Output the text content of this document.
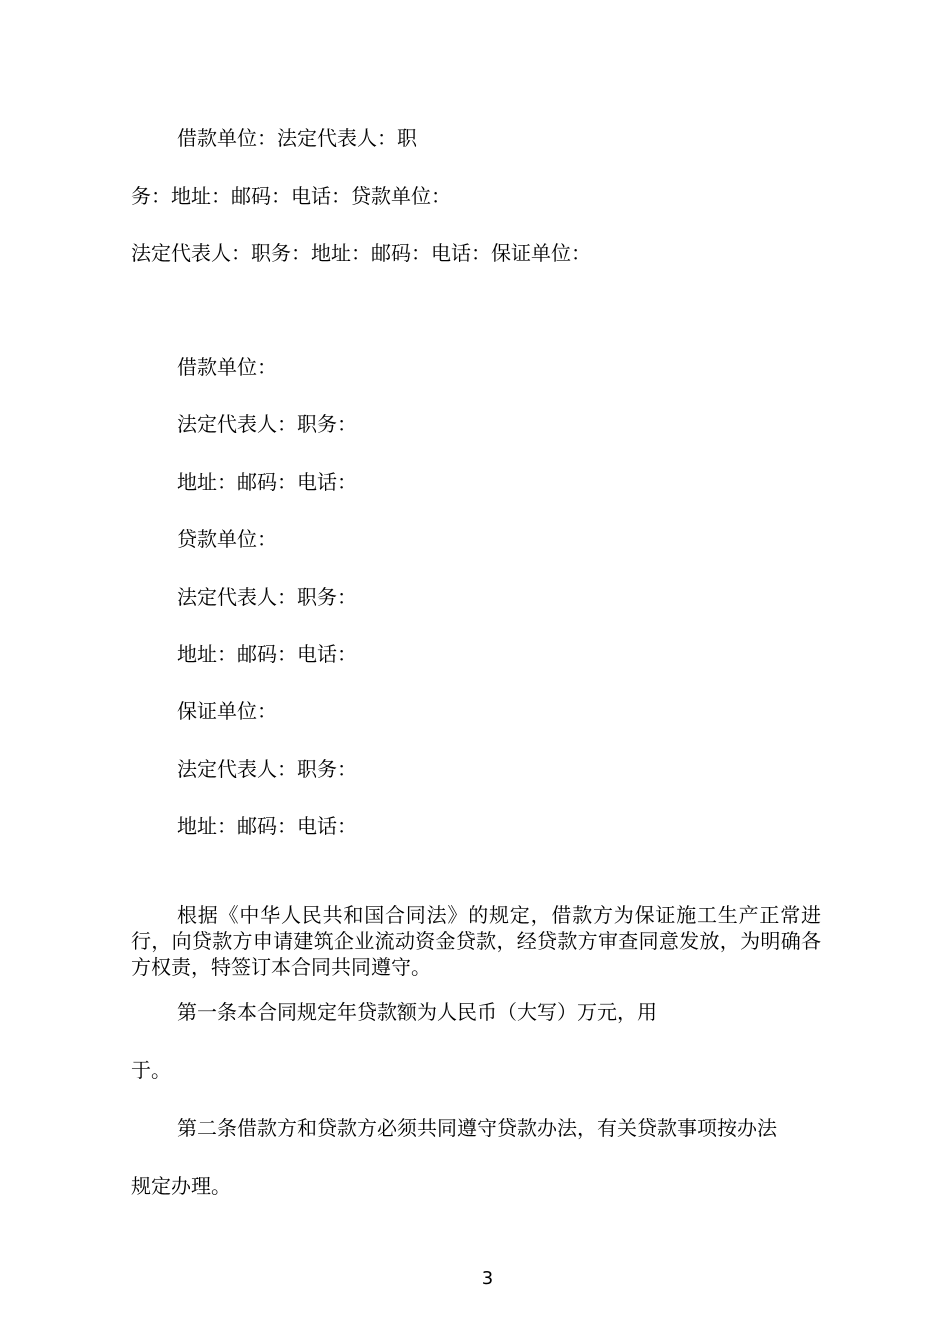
借款单位：法定代表人：职
务：地址：邮码：电话：贷款单位：
法定代表人：职务：地址：邮码：电话：保证单位：
借款单位：
法定代表人：职务：
地址：邮码：电话：
贷款单位：
法定代表人：职务：
地址：邮码：电话：
保证单位：
法定代表人：职务：
地址：邮码：电话：
根据《中华人民共和国合同法》的规定，借款方为保证施工生产正常进行，向贷款方申请建筑企业流动资金贷款，经贷款方审查同意发放，为明确各方权责，特签订本合同共同遵守。
第一条本合同规定年贷款额为人民币（大写）万元，用
于。
第二条借款方和贷款方必须共同遵守贷款办法，有关贷款事项按办法
规定办理。
3
